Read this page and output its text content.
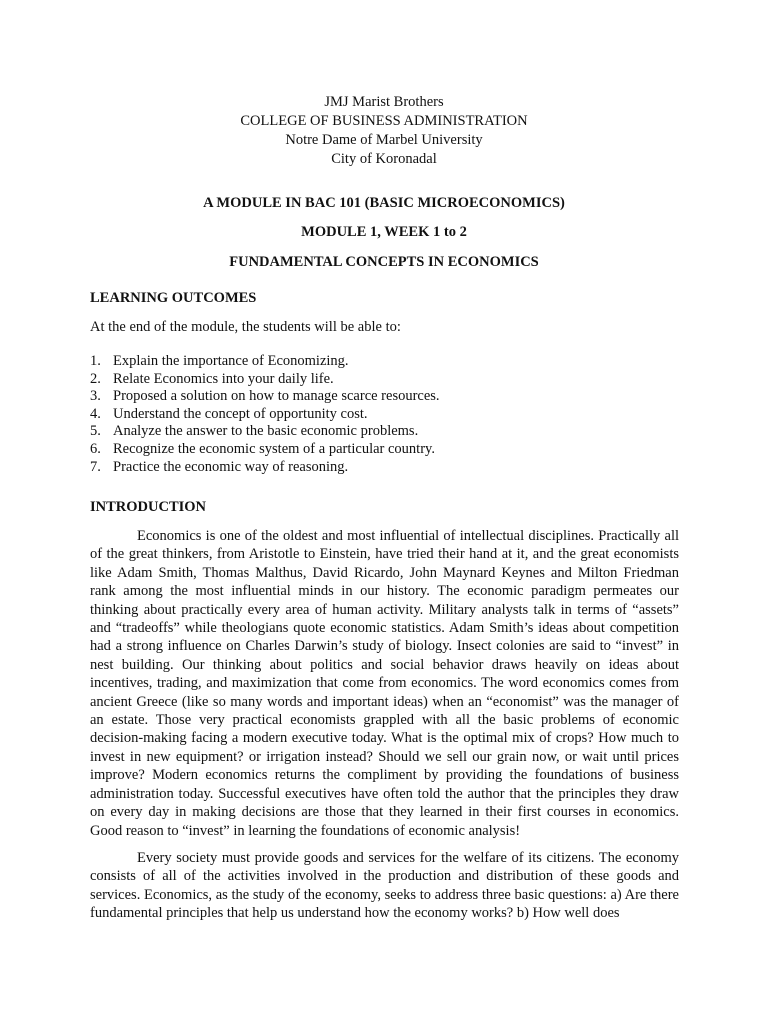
JMJ Marist Brothers
COLLEGE OF BUSINESS ADMINISTRATION
Notre Dame of Marbel University
City of Koronadal
A MODULE IN BAC 101 (BASIC MICROECONOMICS)
MODULE 1, WEEK 1 to 2
FUNDAMENTAL CONCEPTS IN ECONOMICS
LEARNING OUTCOMES
At the end of the module, the students will be able to:
1. Explain the importance of Economizing.
2. Relate Economics into your daily life.
3. Proposed a solution on how to manage scarce resources.
4. Understand the concept of opportunity cost.
5. Analyze the answer to the basic economic problems.
6. Recognize the economic system of a particular country.
7. Practice the economic way of reasoning.
INTRODUCTION

Economics is one of the oldest and most influential of intellectual disciplines. Practically all of the great thinkers, from Aristotle to Einstein, have tried their hand at it, and the great economists like Adam Smith, Thomas Malthus, David Ricardo, John Maynard Keynes and Milton Friedman rank among the most influential minds in our history. The economic paradigm permeates our thinking about practically every area of human activity. Military analysts talk in terms of “assets” and “tradeoffs” while theologians quote economic statistics. Adam Smith’s ideas about competition had a strong influence on Charles Darwin’s study of biology. Insect colonies are said to “invest” in nest building. Our thinking about politics and social behavior draws heavily on ideas about incentives, trading, and maximization that come from economics. The word economics comes from ancient Greece (like so many words and important ideas) when an “economist” was the manager of an estate. Those very practical economists grappled with all the basic problems of economic decision-making facing a modern executive today. What is the optimal mix of crops? How much to invest in new equipment? or irrigation instead? Should we sell our grain now, or wait until prices improve? Modern economics returns the compliment by providing the foundations of business administration today. Successful executives have often told the author that the principles they draw on every day in making decisions are those that they learned in their first courses in economics. Good reason to “invest” in learning the foundations of economic analysis!

Every society must provide goods and services for the welfare of its citizens. The economy consists of all of the activities involved in the production and distribution of these goods and services. Economics, as the study of the economy, seeks to address three basic questions: a) Are there fundamental principles that help us understand how the economy works? b) How well does
